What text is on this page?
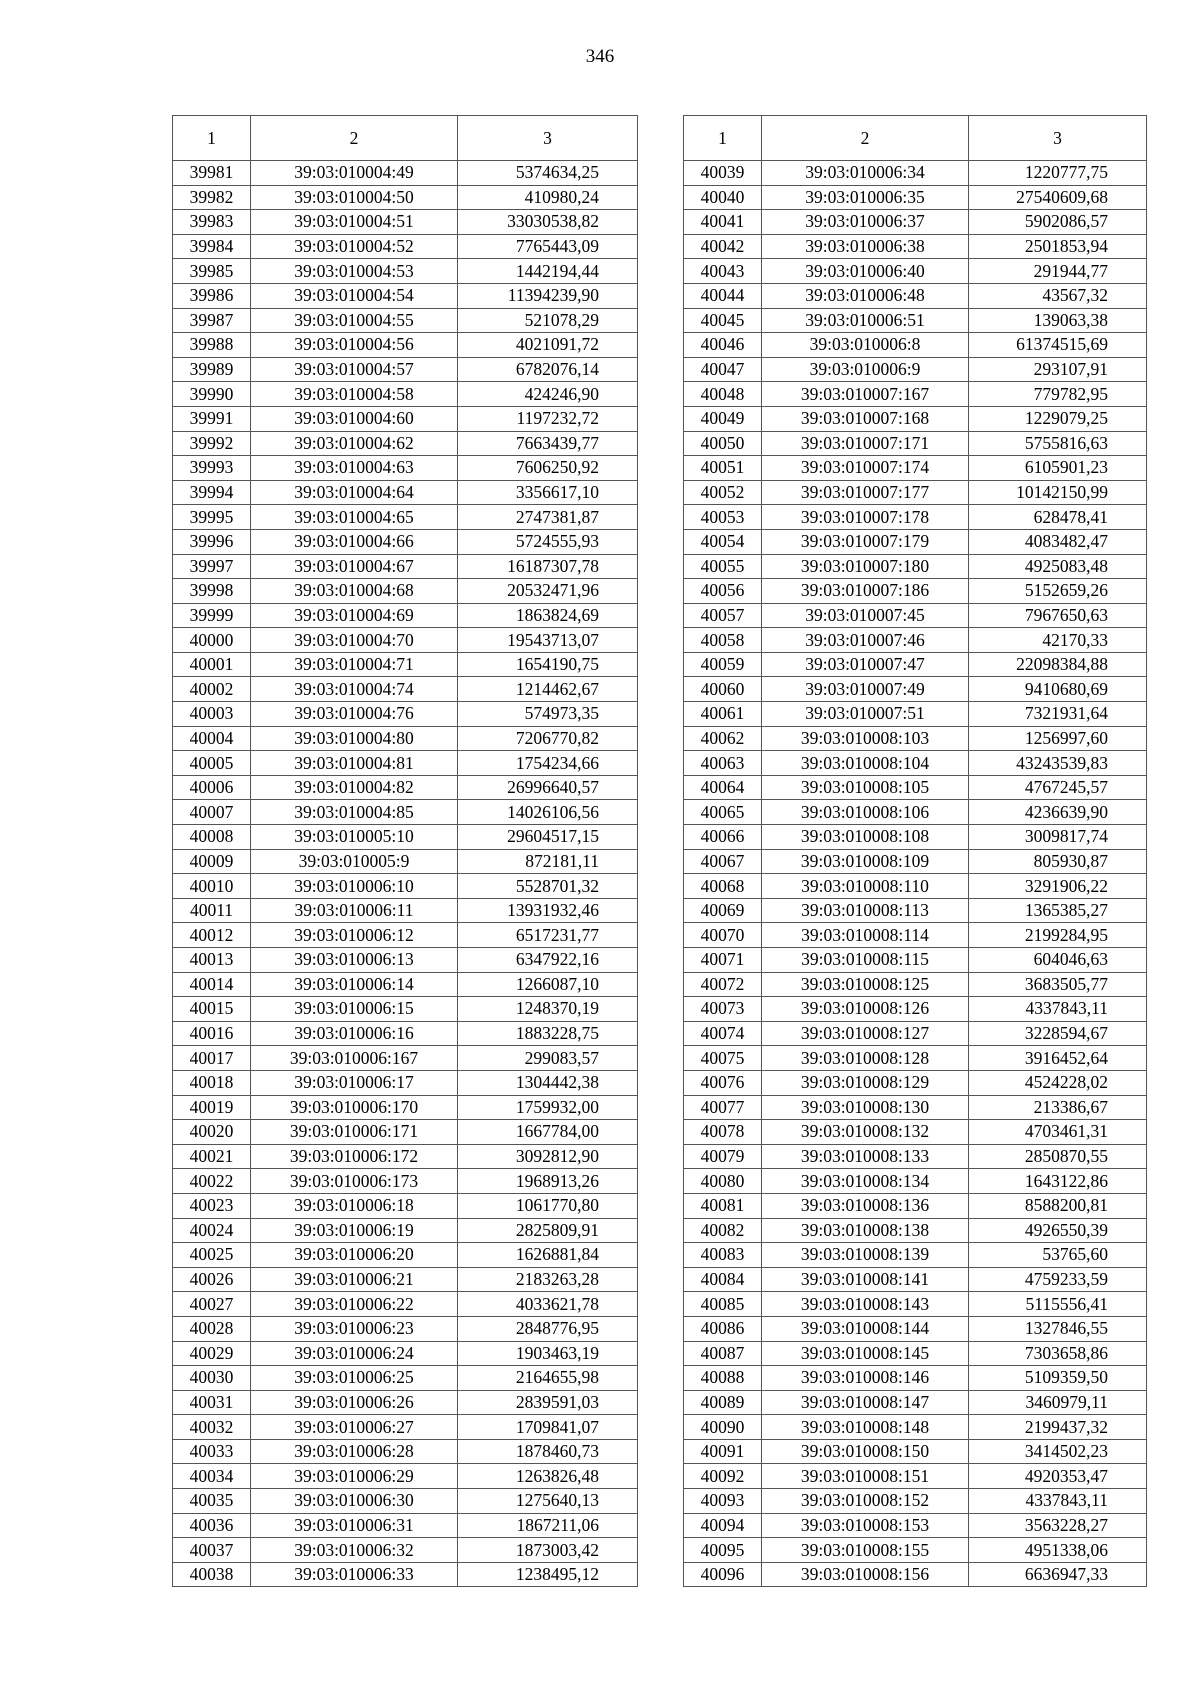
346
1	2	3
39981	39:03:010004:49	5374634,25
39982	39:03:010004:50	410980,24
39983	39:03:010004:51	33030538,82
39984	39:03:010004:52	7765443,09
39985	39:03:010004:53	1442194,44
39986	39:03:010004:54	11394239,90
39987	39:03:010004:55	521078,29
39988	39:03:010004:56	4021091,72
39989	39:03:010004:57	6782076,14
39990	39:03:010004:58	424246,90
39991	39:03:010004:60	1197232,72
39992	39:03:010004:62	7663439,77
39993	39:03:010004:63	7606250,92
39994	39:03:010004:64	3356617,10
39995	39:03:010004:65	2747381,87
39996	39:03:010004:66	5724555,93
39997	39:03:010004:67	16187307,78
39998	39:03:010004:68	20532471,96
39999	39:03:010004:69	1863824,69
40000	39:03:010004:70	19543713,07
40001	39:03:010004:71	1654190,75
40002	39:03:010004:74	1214462,67
40003	39:03:010004:76	574973,35
40004	39:03:010004:80	7206770,82
40005	39:03:010004:81	1754234,66
40006	39:03:010004:82	26996640,57
40007	39:03:010004:85	14026106,56
40008	39:03:010005:10	29604517,15
40009	39:03:010005:9	872181,11
40010	39:03:010006:10	5528701,32
40011	39:03:010006:11	13931932,46
40012	39:03:010006:12	6517231,77
40013	39:03:010006:13	6347922,16
40014	39:03:010006:14	1266087,10
40015	39:03:010006:15	1248370,19
40016	39:03:010006:16	1883228,75
40017	39:03:010006:167	299083,57
40018	39:03:010006:17	1304442,38
40019	39:03:010006:170	1759932,00
40020	39:03:010006:171	1667784,00
40021	39:03:010006:172	3092812,90
40022	39:03:010006:173	1968913,26
40023	39:03:010006:18	1061770,80
40024	39:03:010006:19	2825809,91
40025	39:03:010006:20	1626881,84
40026	39:03:010006:21	2183263,28
40027	39:03:010006:22	4033621,78
40028	39:03:010006:23	2848776,95
40029	39:03:010006:24	1903463,19
40030	39:03:010006:25	2164655,98
40031	39:03:010006:26	2839591,03
40032	39:03:010006:27	1709841,07
40033	39:03:010006:28	1878460,73
40034	39:03:010006:29	1263826,48
40035	39:03:010006:30	1275640,13
40036	39:03:010006:31	1867211,06
40037	39:03:010006:32	1873003,42
40038	39:03:010006:33	1238495,12
1	2	3
40039	39:03:010006:34	1220777,75
40040	39:03:010006:35	27540609,68
40041	39:03:010006:37	5902086,57
40042	39:03:010006:38	2501853,94
40043	39:03:010006:40	291944,77
40044	39:03:010006:48	43567,32
40045	39:03:010006:51	139063,38
40046	39:03:010006:8	61374515,69
40047	39:03:010006:9	293107,91
40048	39:03:010007:167	779782,95
40049	39:03:010007:168	1229079,25
40050	39:03:010007:171	5755816,63
40051	39:03:010007:174	6105901,23
40052	39:03:010007:177	10142150,99
40053	39:03:010007:178	628478,41
40054	39:03:010007:179	4083482,47
40055	39:03:010007:180	4925083,48
40056	39:03:010007:186	5152659,26
40057	39:03:010007:45	7967650,63
40058	39:03:010007:46	42170,33
40059	39:03:010007:47	22098384,88
40060	39:03:010007:49	9410680,69
40061	39:03:010007:51	7321931,64
40062	39:03:010008:103	1256997,60
40063	39:03:010008:104	43243539,83
40064	39:03:010008:105	4767245,57
40065	39:03:010008:106	4236639,90
40066	39:03:010008:108	3009817,74
40067	39:03:010008:109	805930,87
40068	39:03:010008:110	3291906,22
40069	39:03:010008:113	1365385,27
40070	39:03:010008:114	2199284,95
40071	39:03:010008:115	604046,63
40072	39:03:010008:125	3683505,77
40073	39:03:010008:126	4337843,11
40074	39:03:010008:127	3228594,67
40075	39:03:010008:128	3916452,64
40076	39:03:010008:129	4524228,02
40077	39:03:010008:130	213386,67
40078	39:03:010008:132	4703461,31
40079	39:03:010008:133	2850870,55
40080	39:03:010008:134	1643122,86
40081	39:03:010008:136	8588200,81
40082	39:03:010008:138	4926550,39
40083	39:03:010008:139	53765,60
40084	39:03:010008:141	4759233,59
40085	39:03:010008:143	5115556,41
40086	39:03:010008:144	1327846,55
40087	39:03:010008:145	7303658,86
40088	39:03:010008:146	5109359,50
40089	39:03:010008:147	3460979,11
40090	39:03:010008:148	2199437,32
40091	39:03:010008:150	3414502,23
40092	39:03:010008:151	4920353,47
40093	39:03:010008:152	4337843,11
40094	39:03:010008:153	3563228,27
40095	39:03:010008:155	4951338,06
40096	39:03:010008:156	6636947,33
